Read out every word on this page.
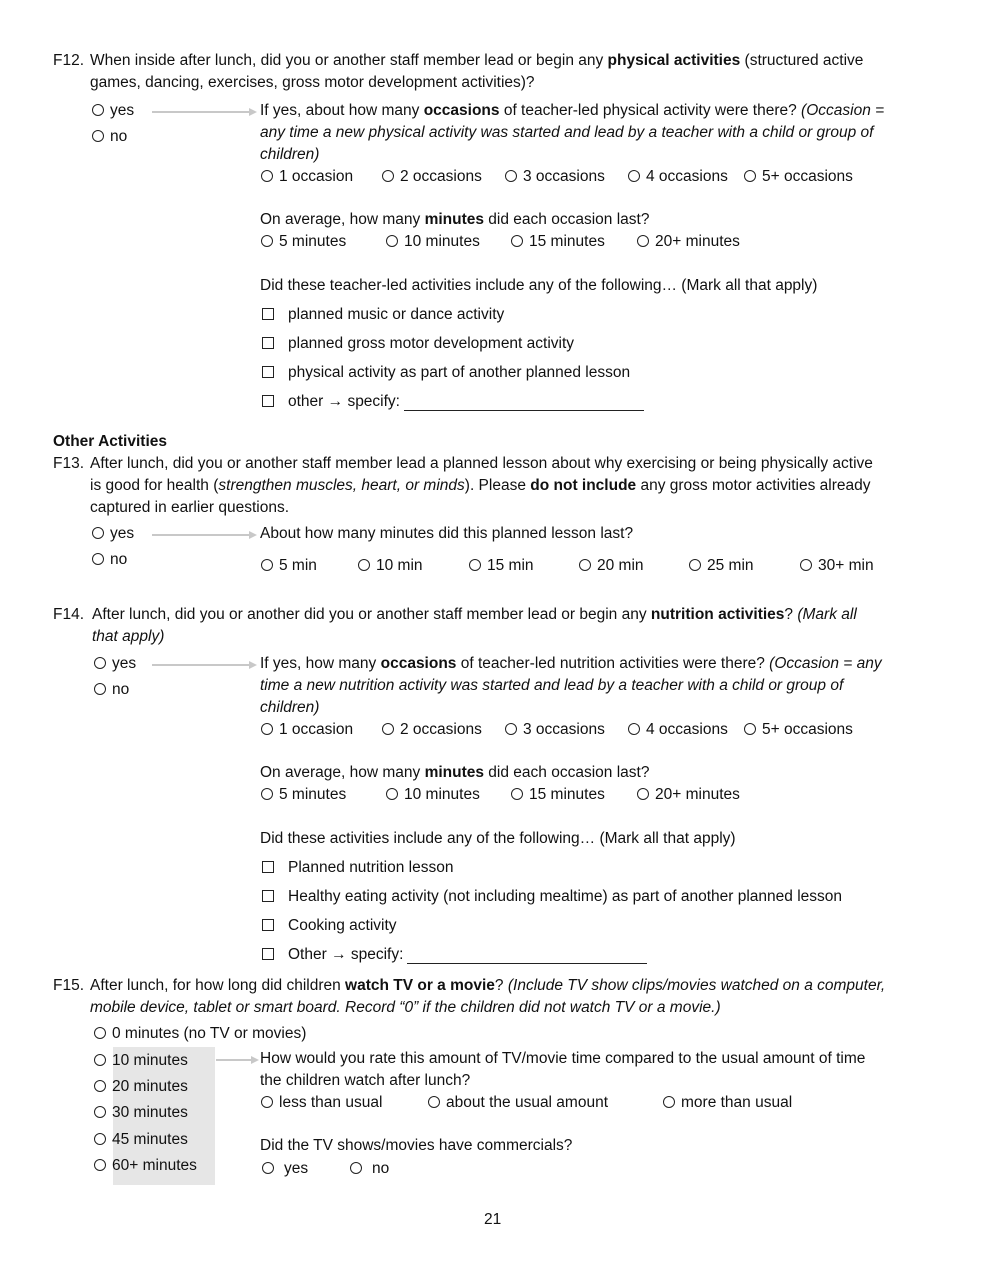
F12. When inside after lunch, did you or another staff member lead or begin any physical activities (structured active
games, dancing, exercises, gross motor development activities)?
yes
no
If yes, about how many occasions of teacher-led physical activity were there? (Occasion =
any time a new physical activity was started and lead by a teacher with a child or group of
children)
1 occasion	2 occasions	3 occasions	4 occasions	5+ occasions
On average, how many minutes did each occasion last?
5 minutes	10 minutes	15 minutes	20+ minutes
Did these teacher-led activities include any of the following… (Mark all that apply)
planned music or dance activity
planned gross motor development activity
physical activity as part of another planned lesson
other → specify:
Other Activities
F13. After lunch, did you or another staff member lead a planned lesson about why exercising or being physically active
is good for health (strengthen muscles, heart, or minds). Please do not include any gross motor activities already
captured in earlier questions.
yes
no
About how many minutes did this planned lesson last?
5 min	10 min	15 min	20 min	25 min	30+ min
F14. After lunch, did you or another did you or another staff member lead or begin any nutrition activities? (Mark all
that apply)
yes
no
If yes, how many occasions of teacher-led nutrition activities were there? (Occasion = any
time a new nutrition activity was started and lead by a teacher with a child or group of
children)
1 occasion	2 occasions	3 occasions	4 occasions	5+ occasions
On average, how many minutes did each occasion last?
5 minutes	10 minutes	15 minutes	20+ minutes
Did these activities include any of the following… (Mark all that apply)
Planned nutrition lesson
Healthy eating activity (not including mealtime) as part of another planned lesson
Cooking activity
Other → specify:
F15. After lunch, for how long did children watch TV or a movie? (Include TV show clips/movies watched on a computer,
mobile device, tablet or smart board. Record “0” if the children did not watch TV or a movie.)
0 minutes (no TV or movies)
10 minutes
20 minutes
30 minutes
45 minutes
60+ minutes
How would you rate this amount of TV/movie time compared to the usual amount of time
the children watch after lunch?
less than usual	about the usual amount	more than usual
Did the TV shows/movies have commercials?
yes	no
21
